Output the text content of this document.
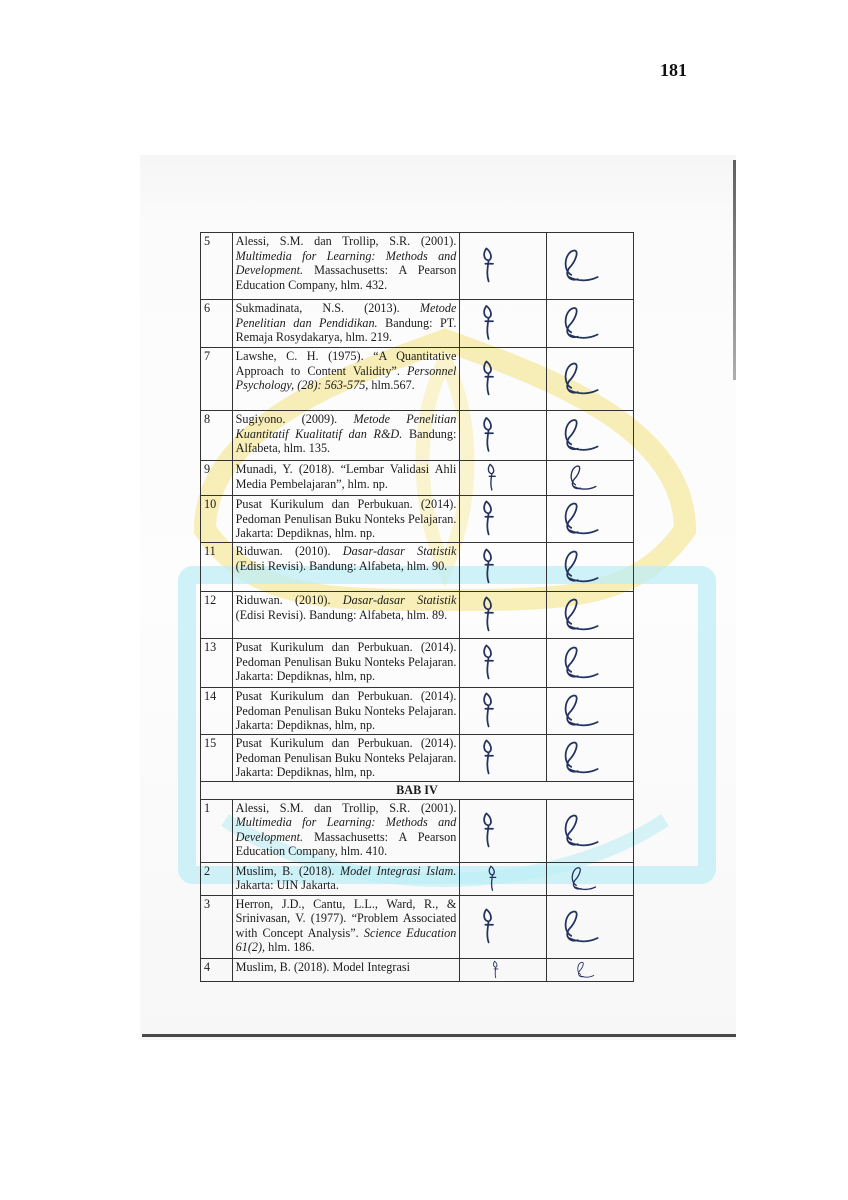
181
5	Alessi, S.M. dan Trollip, S.R. (2001). Multimedia for Learning: Methods and Development. Massachusetts: A Pearson Education Company, hlm. 432.	

6	Sukmadinata, N.S. (2013). Metode Penelitian dan Pendidikan. Bandung: PT. Remaja Rosydakarya, hlm. 219.	

7	Lawshe, C. H. (1975). “A Quantitative Approach to Content Validity”. Personnel Psychology, (28): 563-575, hlm.567.	

8	Sugiyono. (2009). Metode Penelitian Kuantitatif Kualitatif dan R&D. Bandung: Alfabeta, hlm. 135.	

9	Munadi, Y. (2018). “Lembar Validasi Ahli Media Pembelajaran”, hlm. np.	

10	Pusat Kurikulum dan Perbukuan. (2014). Pedoman Penulisan Buku Nonteks Pelajaran. Jakarta: Depdiknas, hlm. np.	

11	Riduwan. (2010). Dasar-dasar Statistik (Edisi Revisi). Bandung: Alfabeta, hlm. 90.	

12	Riduwan. (2010). Dasar-dasar Statistik (Edisi Revisi). Bandung: Alfabeta, hlm. 89.	

13	Pusat Kurikulum dan Perbukuan. (2014). Pedoman Penulisan Buku Nonteks Pelajaran. Jakarta: Depdiknas, hlm, np.	

14	Pusat Kurikulum dan Perbukuan. (2014). Pedoman Penulisan Buku Nonteks Pelajaran. Jakarta: Depdiknas, hlm, np.	

15	Pusat Kurikulum dan Perbukuan. (2014). Pedoman Penulisan Buku Nonteks Pelajaran. Jakarta: Depdiknas, hlm, np.	

BAB IV			
1	Alessi, S.M. dan Trollip, S.R. (2001). Multimedia for Learning: Methods and Development. Massachusetts: A Pearson Education Company, hlm. 410.	

2	Muslim, B. (2018). Model Integrasi Islam. Jakarta: UIN Jakarta.	

3	Herron, J.D., Cantu, L.L., Ward, R., & Srinivasan, V. (1977). “Problem Associated with Concept Analysis”. Science Education 61(2), hlm. 186.	

4	Muslim, B. (2018). Model Integrasi	
